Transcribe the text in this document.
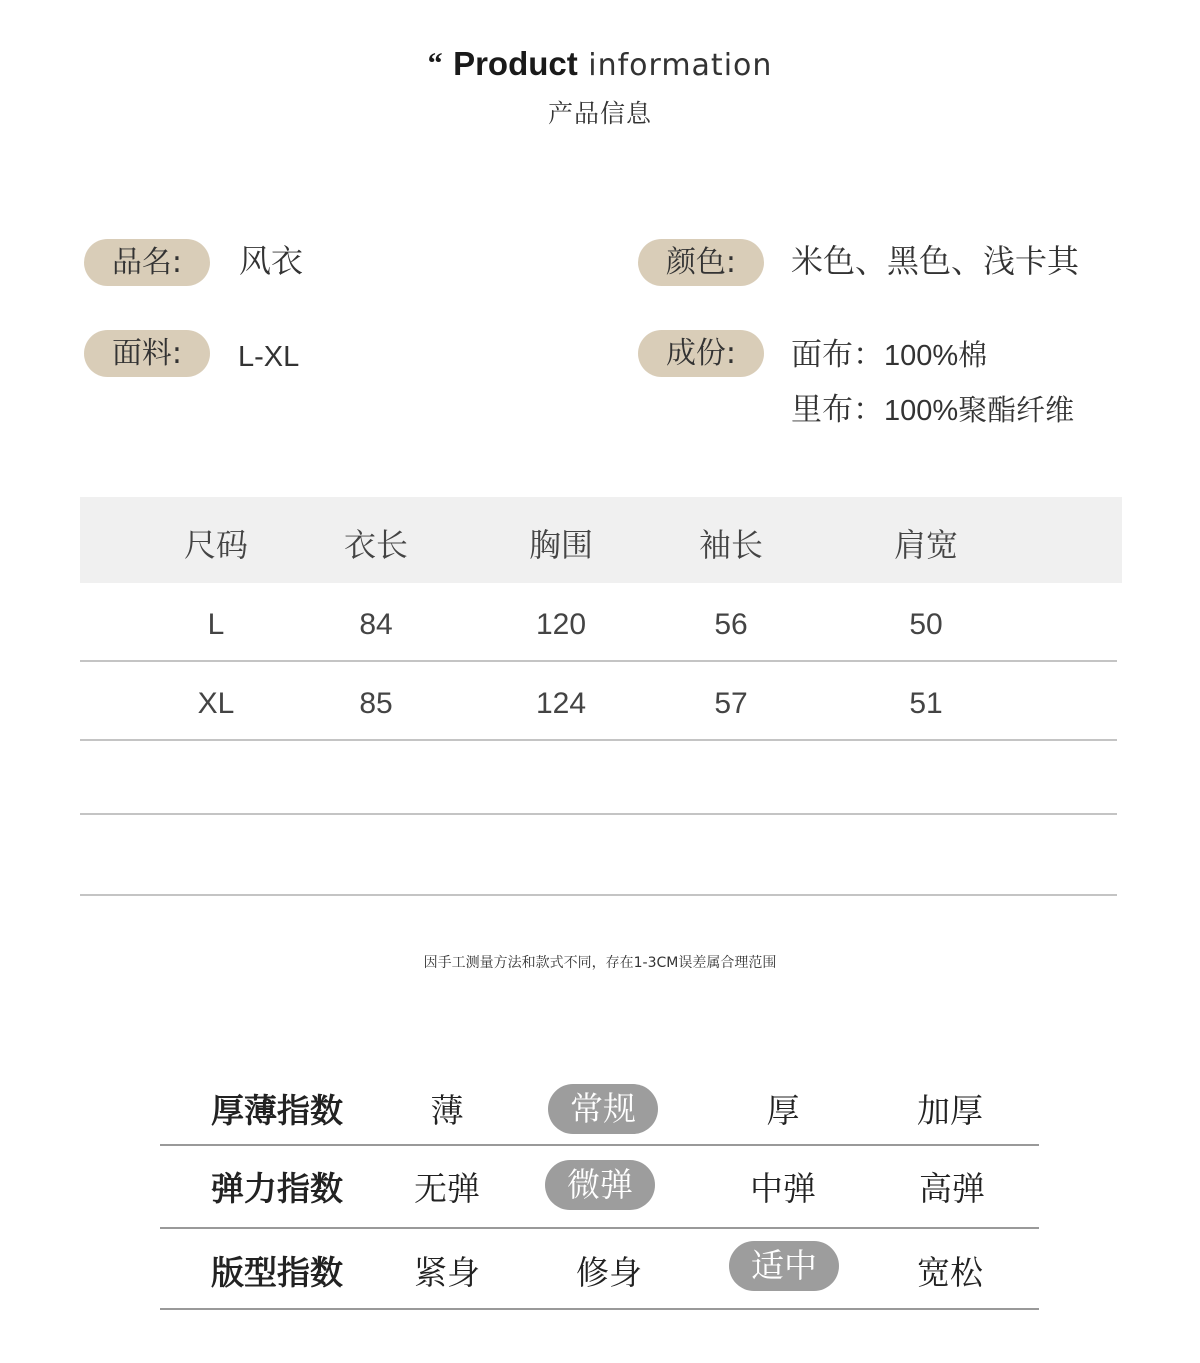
“ Product information
产品信息
品名:	风衣
面料:	L-XL
颜色:	米色、黑色、浅卡其
成份:	面布：100%棉
里布：100%聚酯纤维
尺码	衣长	胸围	袖长	肩宽
L	84	120	56	50
XL	85	124	57	51
因手工测量方法和款式不同，存在1-3CM误差属合理范围
厚薄指数	薄	常规	厚	加厚
弹力指数	无弹	微弹	中弹	高弹
版型指数	紧身	修身	适中	宽松
